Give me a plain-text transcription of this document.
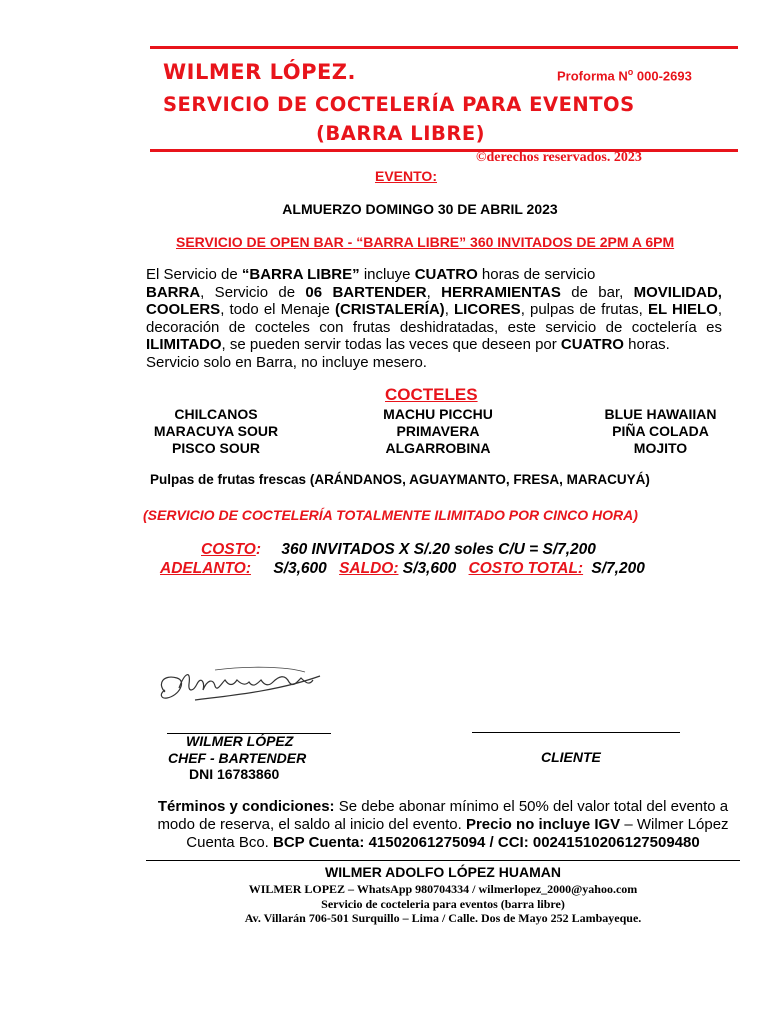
WILMER LÓPEZ.	Proforma $N^o$ 000-2693
SERVICIO DE COCTELERÍA PARA EVENTOS
(BARRA LIBRE)
©derechos reservados. 2023
EVENTO:
ALMUERZO DOMINGO 30 DE ABRIL 2023
SERVICIO DE OPEN BAR - “BARRA LIBRE” 360 INVITADOS DE 2PM A 6PM
El Servicio de “BARRA LIBRE” incluye CUATRO horas de servicio
BARRA, Servicio de 06 BARTENDER, HERRAMIENTAS de bar, MOVILIDAD, COOLERS, todo el Menaje (CRISTALERÍA), LICORES, pulpas de frutas, EL HIELO, decoración de cocteles con frutas deshidratadas, este servicio de coctelería es ILIMITADO, se pueden servir todas las veces que deseen por CUATRO horas.
Servicio solo en Barra, no incluye mesero.
COCTELES
CHILCANOS
MARACUYA SOUR
PISCO SOUR
MACHU PICCHU
PRIMAVERA
ALGARROBINA
BLUE HAWAIIAN
PIÑA COLADA
MOJITO
Pulpas de frutas frescas (ARÁNDANOS, AGUAYMANTO, FRESA, MARACUYÁ)
(SERVICIO DE COCTELERÍA TOTALMENTE ILIMITADO POR CINCO HORA)
COSTO: 360 INVITADOS X S/.20 soles C/U = S/7,200
ADELANTO: S/3,600 SALDO: S/3,600 COSTO TOTAL: S/7,200
WILMER LÓPEZ
CHEF - BARTENDER
DNI 16783860
CLIENTE
Términos y condiciones: Se debe abonar mínimo el 50% del valor total del evento a modo de reserva, el saldo al inicio del evento. Precio no incluye IGV – Wilmer López Cuenta Bco. BCP Cuenta: 41502061275094 / CCI: 00241510206127509480
WILMER ADOLFO LÓPEZ HUAMAN
WILMER LOPEZ – WhatsApp 980704334 / wilmerlopez_2000@yahoo.com
Servicio de cocteleria para eventos (barra libre)
Av. Villarán 706-501 Surquillo – Lima / Calle. Dos de Mayo 252 Lambayeque.
